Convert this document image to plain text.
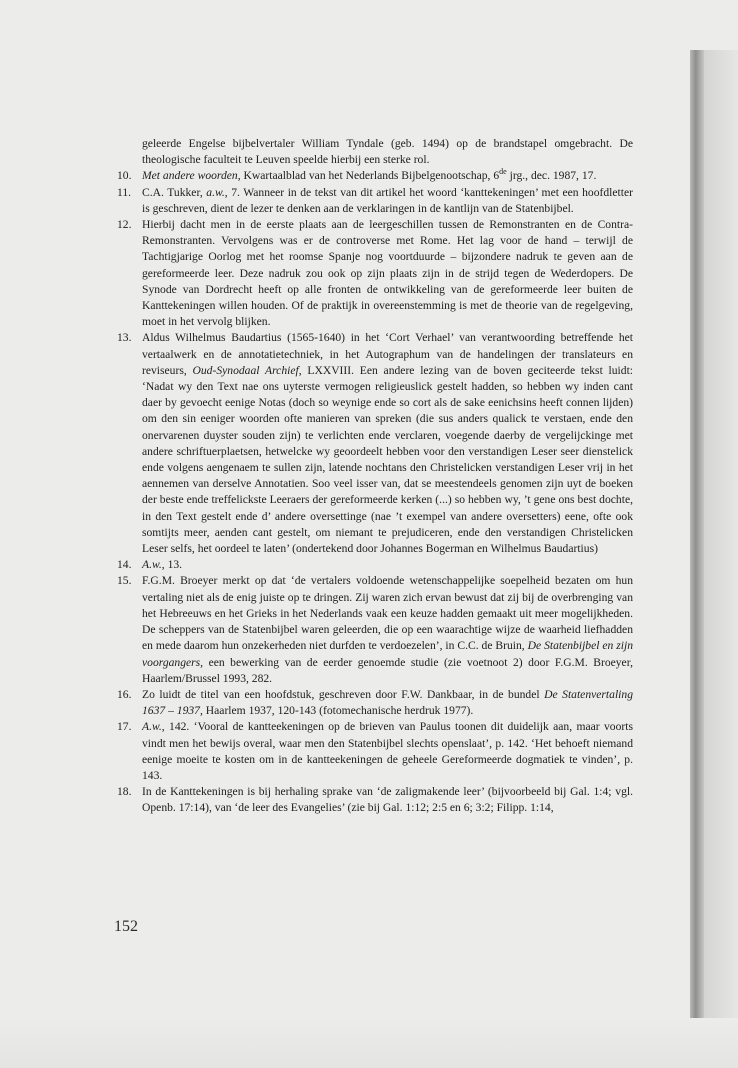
geleerde Engelse bijbelvertaler William Tyndale (geb. 1494) op de brandstapel omgebracht. De theologische faculteit te Leuven speelde hierbij een sterke rol.
10. Met andere woorden, Kwartaalblad van het Nederlands Bijbelgenootschap, 6de jrg., dec. 1987, 17.
11. C.A. Tukker, a.w., 7. Wanneer in de tekst van dit artikel het woord ‘kanttekeningen’ met een hoofdletter is geschreven, dient de lezer te denken aan de verklaringen in de kantlijn van de Statenbijbel.
12. Hierbij dacht men in de eerste plaats aan de leergeschillen tussen de Remonstranten en de Contra-Remonstranten. Vervolgens was er de controverse met Rome. Het lag voor de hand – terwijl de Tachtigjarige Oorlog met het roomse Spanje nog voortduurde – bijzondere nadruk te geven aan de gereformeerde leer. Deze nadruk zou ook op zijn plaats zijn in de strijd tegen de Wederdopers. De Synode van Dordrecht heeft op alle fronten de ontwikkeling van de gereformeerde leer buiten de Kanttekeningen willen houden. Of de praktijk in overeenstemming is met de theorie van de regelgeving, moet in het vervolg blijken.
13. Aldus Wilhelmus Baudartius (1565-1640) in het ‘Cort Verhael’ van verantwoording betreffende het vertaalwerk en de annotatietechniek, in het Autographum van de handelingen der translateurs en reviseurs, Oud-Synodaal Archief, LXXVIII. Een andere lezing van de boven geciteerde tekst luidt: ‘Nadat wy den Text nae ons uyterste vermogen religieuslick gestelt hadden, so hebben wy inden cant daer by gevoecht eenige Notas (doch so weynige ende so cort als de sake eenichsins heeft connen lijden) om den sin eeniger woorden ofte manieren van spreken (die sus anders qualick te verstaen, ende den onervarenen duyster souden zijn) te verlichten ende verclaren, voegende daerby de vergelijckinge met andere schriftuerplaetsen, hetwelcke wy geoordeelt hebben voor den verstandigen Leser seer dienstelick ende volgens aengenaem te sullen zijn, latende nochtans den Christelicken verstandigen Leser vrij in het aennemen van derselve Annotatien. Soo veel isser van, dat se meestendeels genomen zijn uyt de boeken der beste ende treffelickste Leeraers der gereformeerde kerken (...) so hebben wy, ’t gene ons best dochte, in den Text gestelt ende d’ andere oversettinge (nae ’t exempel van andere oversetters) eene, ofte ook somtijts meer, aenden cant gestelt, om niemant te prejudiceren, ende den verstandigen Christelicken Leser selfs, het oordeel te laten’ (ondertekend door Johannes Bogerman en Wilhelmus Baudartius)
14. A.w., 13.
15. F.G.M. Broeyer merkt op dat ‘de vertalers voldoende wetenschappelijke soepelheid bezaten om hun vertaling niet als de enig juiste op te dringen. Zij waren zich ervan bewust dat zij bij de overbrenging van het Hebreeuws en het Grieks in het Nederlands vaak een keuze hadden gemaakt uit meer mogelijkheden. De scheppers van de Statenbijbel waren geleerden, die op een waarachtige wijze de waarheid liefhadden en mede daarom hun onzekerheden niet durfden te verdoezelen’, in C.C. de Bruin, De Statenbijbel en zijn voorgangers, een bewerking van de eerder genoemde studie (zie voetnoot 2) door F.G.M. Broeyer, Haarlem/Brussel 1993, 282.
16. Zo luidt de titel van een hoofdstuk, geschreven door F.W. Dankbaar, in de bundel De Statenvertaling 1637 – 1937, Haarlem 1937, 120-143 (fotomechanische herdruk 1977).
17. A.w., 142. ‘Vooral de kantteekeningen op de brieven van Paulus toonen dit duidelijk aan, maar voorts vindt men het bewijs overal, waar men den Statenbijbel slechts openslaat’, p. 142. ‘Het behoeft niemand eenige moeite te kosten om in de kantteekeningen de geheele Gereformeerde dogmatiek te vinden’, p. 143.
18. In de Kanttekeningen is bij herhaling sprake van ‘de zaligmakende leer’ (bijvoorbeeld bij Gal. 1:4; vgl. Openb. 17:14), van ‘de leer des Evangelies’ (zie bij Gal. 1:12; 2:5 en 6; 3:2; Filipp. 1:14,

152
